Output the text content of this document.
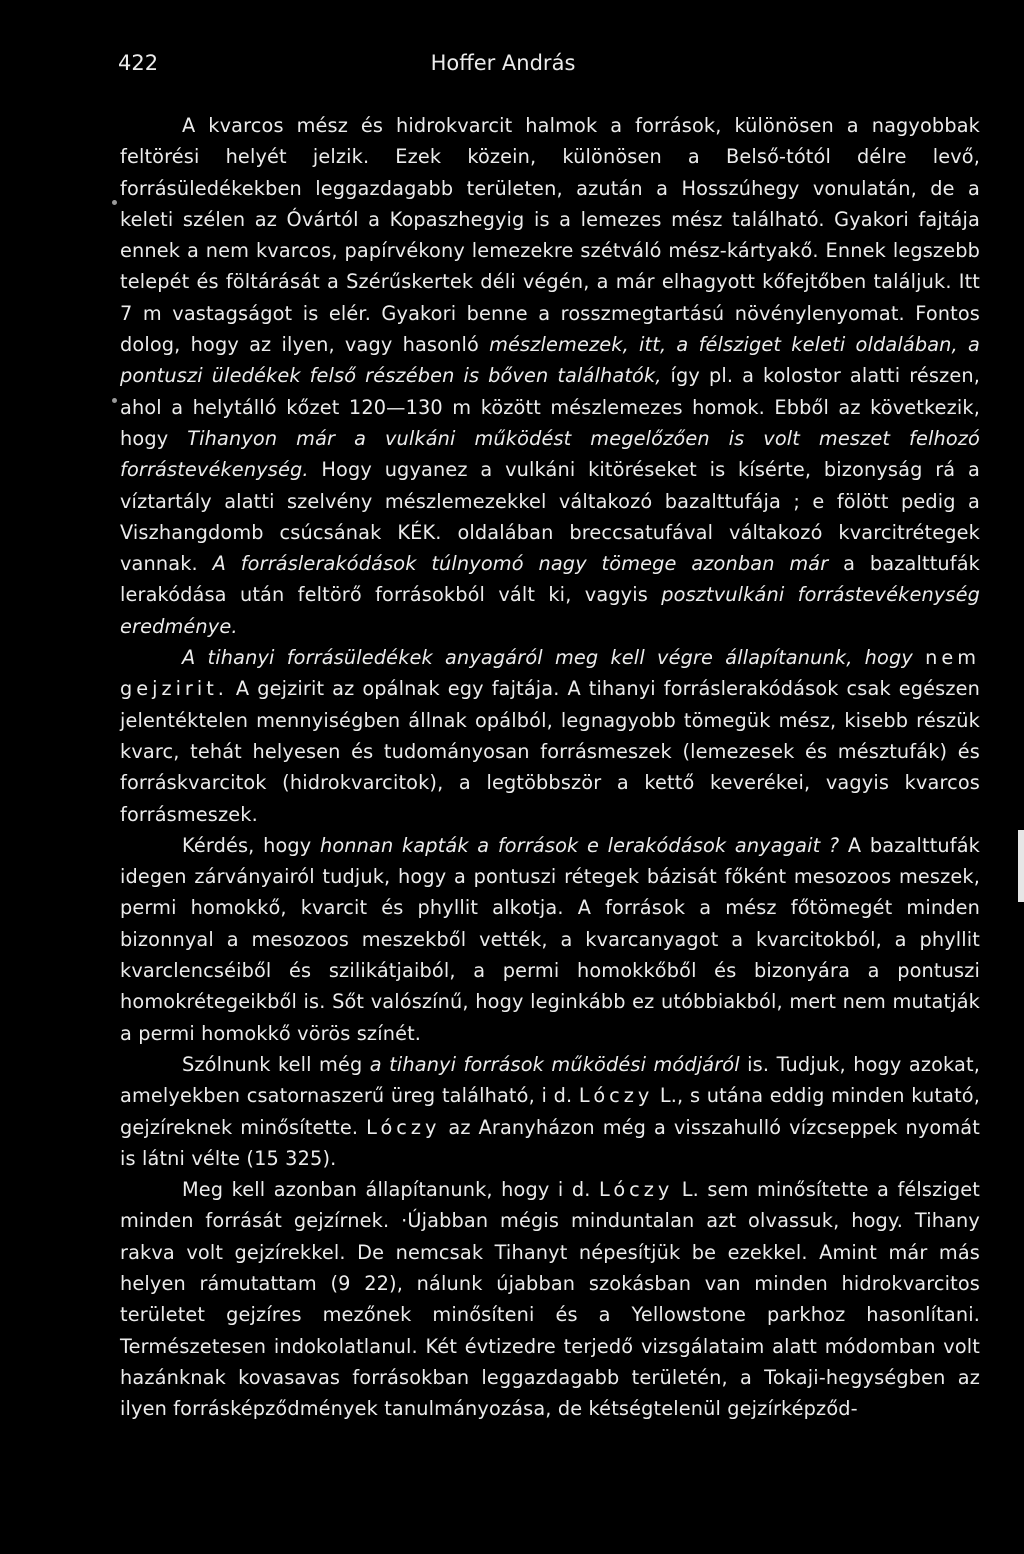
422	Hoffer András

A kvarcos mész és hidrokvarcit halmok a források, különösen a nagyobbak feltörési helyét jelzik. Ezek közein, különösen a Belső-tótól délre levő, forrásüledékekben leggazdagabb területen, azután a Hosszúhegy vonulatán, de a keleti szélen az Óvártól a Kopaszhegyig is a lemezes mész található. Gyakori fajtája ennek a nem kvarcos, papírvékony lemezekre szétváló mész-kártyakő. Ennek legszebb telepét és föltárását a Szérűskertek déli végén, a már elhagyott kőfejtőben találjuk. Itt 7 m vastagságot is elér. Gyakori benne a rosszmegtartású növénylenyomat. Fontos dolog, hogy az ilyen, vagy hasonló mészlemezek, itt, a félsziget keleti oldalában, a pontuszi üledékek felső részében is bőven találhatók, így pl. a kolostor alatti részen, ahol a helytálló kőzet 120—130 m között mészlemezes homok. Ebből az következik, hogy Tihanyon már a vulkáni működést megelőzően is volt meszet felhozó forrástevékenység. Hogy ugyanez a vulkáni kitöréseket is kísérte, bizonyság rá a víztartály alatti szelvény mészlemezekkel váltakozó bazalttufája ; e fölött pedig a Viszhangdomb csúcsának KÉK. oldalában breccsatufával váltakozó kvarcitrétegek vannak. A forráslerakódások túlnyomó nagy tömege azonban már a bazalttufák lerakódása után feltörő forrásokból vált ki, vagyis posztvulkáni forrástevékenység eredménye.

A tihanyi forrásüledékek anyagáról meg kell végre állapítanunk, hogy nem gejzirit. A gejzirit az opálnak egy fajtája. A tihanyi forráslerakódások csak egészen jelentéktelen mennyiségben állnak opálból, legnagyobb tömegük mész, kisebb részük kvarc, tehát helyesen és tudományosan forrásmeszek (lemezesek és mésztufák) és forráskvarcitok (hidrokvarcitok), a legtöbbször a kettő keverékei, vagyis kvarcos forrásmeszek.

Kérdés, hogy honnan kapták a források e lerakódások anyagait ? A bazalttufák idegen zárványairól tudjuk, hogy a pontuszi rétegek bázisát főként mesozoos meszek, permi homokkő, kvarcit és phyllit alkotja. A források a mész főtömegét minden bizonnyal a mesozoos meszekből vették, a kvarcanyagot a kvarcitokból, a phyllit kvarclencséiből és szilikátjaiból, a permi homokkőből és bizonyára a pontuszi homokrétegeikből is. Sőt valószínű, hogy leginkább ez utóbbiakból, mert nem mutatják a permi homokkő vörös színét.

Szólnunk kell még a tihanyi források működési módjáról is. Tudjuk, hogy azokat, amelyekben csatornaszerű üreg található, i d. Lóczy L., s utána eddig minden kutató, gejzíreknek minősítette. Lóczy az Aranyházon még a visszahulló vízcseppek nyomát is látni vélte (15 325).

Meg kell azonban állapítanunk, hogy i d. Lóczy L. sem minősítette a félsziget minden forrását gejzírnek. ·Újabban mégis minduntalan azt olvassuk, hogy. Tihany rakva volt gejzírekkel. De nemcsak Tihanyt népesítjük be ezekkel. Amint már más helyen rámutattam (9 22), nálunk újabban szokásban van minden hidrokvarcitos területet gejzíres mezőnek minősíteni és a Yellowstone parkhoz hasonlítani. Természetesen indokolatlanul. Két évtizedre terjedő vizsgálataim alatt módomban volt hazánknak kovasavas forrásokban leggazdagabb területén, a Tokaji-hegységben az ilyen forrásképződmények tanulmányozása, de kétségtelenül gejzírképződ-
